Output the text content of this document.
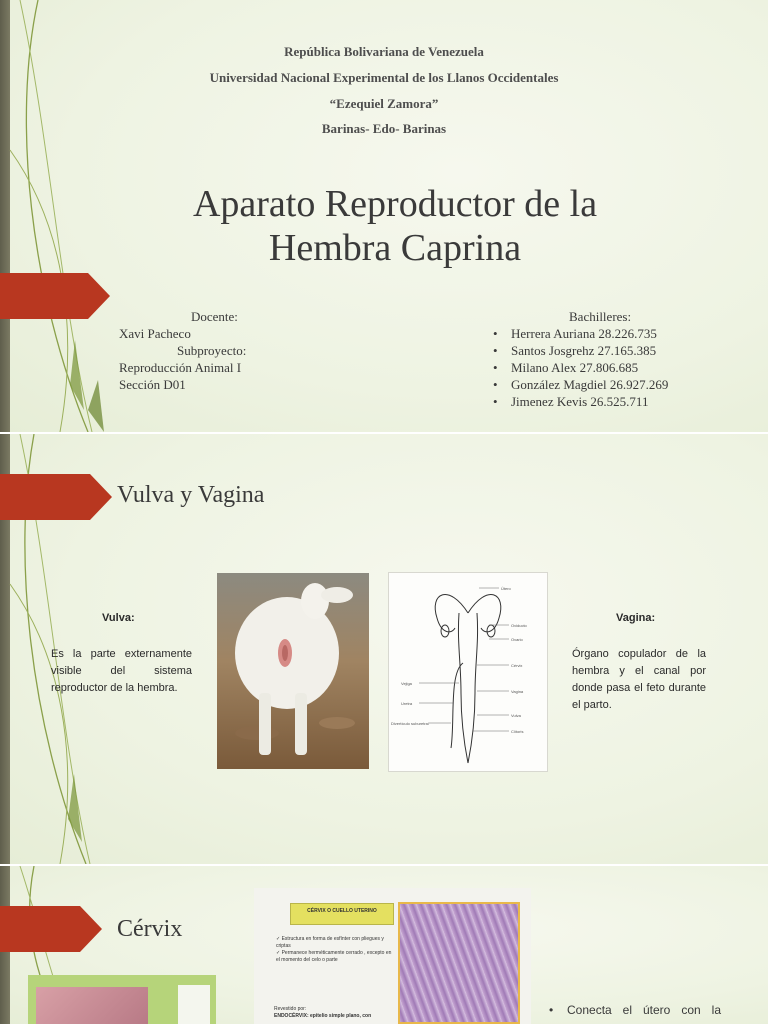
República Bolivariana de Venezuela
Universidad Nacional Experimental de los Llanos Occidentales
“Ezequiel Zamora”
Barinas- Edo- Barinas
Aparato Reproductor de la
Hembra Caprina
Docente:
Xavi Pacheco
Subproyecto:
Reproducción Animal I
Sección D01
Bachilleres:
• Herrera Auriana 28.226.735
• Santos Josgrehz 27.165.385
• Milano Alex 27.806.685
• González Magdiel 26.927.269
• Jimenez Kevis 26.525.711
Vulva y Vagina
Vulva:
Es la parte externamente visible del sistema reproductor de la hembra.
Útero
Oviducto
Ovario
Cérvix
Vagina
Vulva
Clítoris
Vejiga
Uretra
Divertículo suburetral
Vagina:
Órgano copulador de la hembra y el canal por donde pasa el feto durante el parto.
Cérvix
CÉRVIX O CUELLO UTERINO
✓ Estructura en forma de esfínter con pliegues y criptas
✓ Permanece herméticamente cerrado , excepto en el momento del celo o parte
Revestido por:
ENDOCÉRVIX: epitelio simple plano, con
•	Conecta el útero con la
